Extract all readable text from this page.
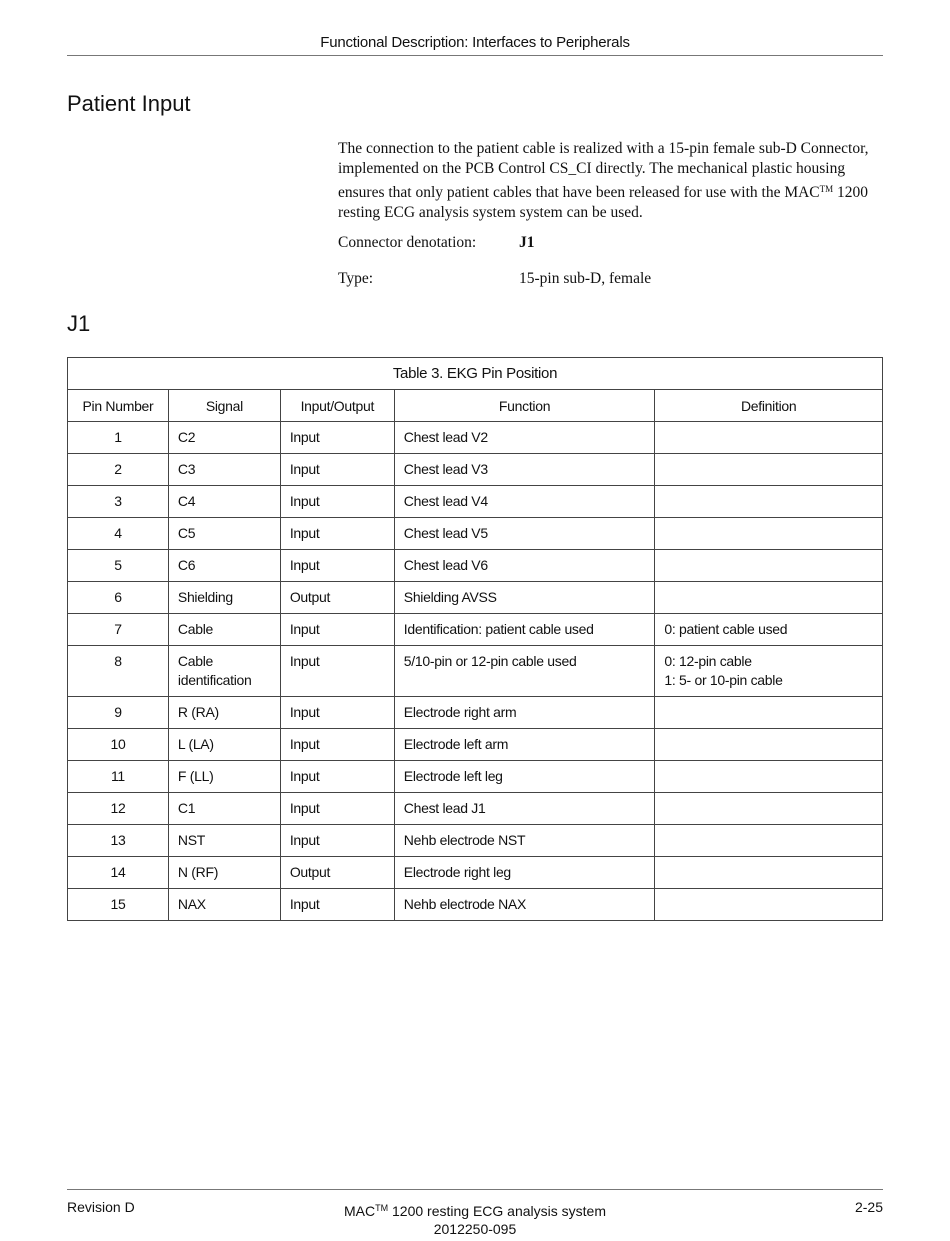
Functional Description: Interfaces to Peripherals
Patient Input

The connection to the patient cable is realized with a 15-pin female sub-D Connector, implemented on the PCB Control CS_CI directly. The mechanical plastic housing ensures that only patient cables that have been released for use with the MAC™ 1200 resting ECG analysis system system can be used.

Connector denotation:	J1
Type:	15-pin sub-D, female
J1
Table 3. EKG Pin Position
Pin Number	Signal	Input/Output	Function	Definition
1	C2	Input	Chest lead V2	
2	C3	Input	Chest lead V3	
3	C4	Input	Chest lead V4	
4	C5	Input	Chest lead V5	
5	C6	Input	Chest lead V6	
6	Shielding	Output	Shielding AVSS	
7	Cable	Input	Identification: patient cable used	0: patient cable used
8	Cable identification	Input	5/10-pin or 12-pin cable used	0: 12-pin cable
1: 5- or 10-pin cable
9	R (RA)	Input	Electrode right arm	
10	L (LA)	Input	Electrode left arm	
11	F (LL)	Input	Electrode left leg	
12	C1	Input	Chest lead J1	
13	NST	Input	Nehb electrode NST	
14	N (RF)	Output	Electrode right leg	
15	NAX	Input	Nehb electrode NAX	
Revision D	MAC™ 1200 resting ECG analysis system
2012250-095
2-25
